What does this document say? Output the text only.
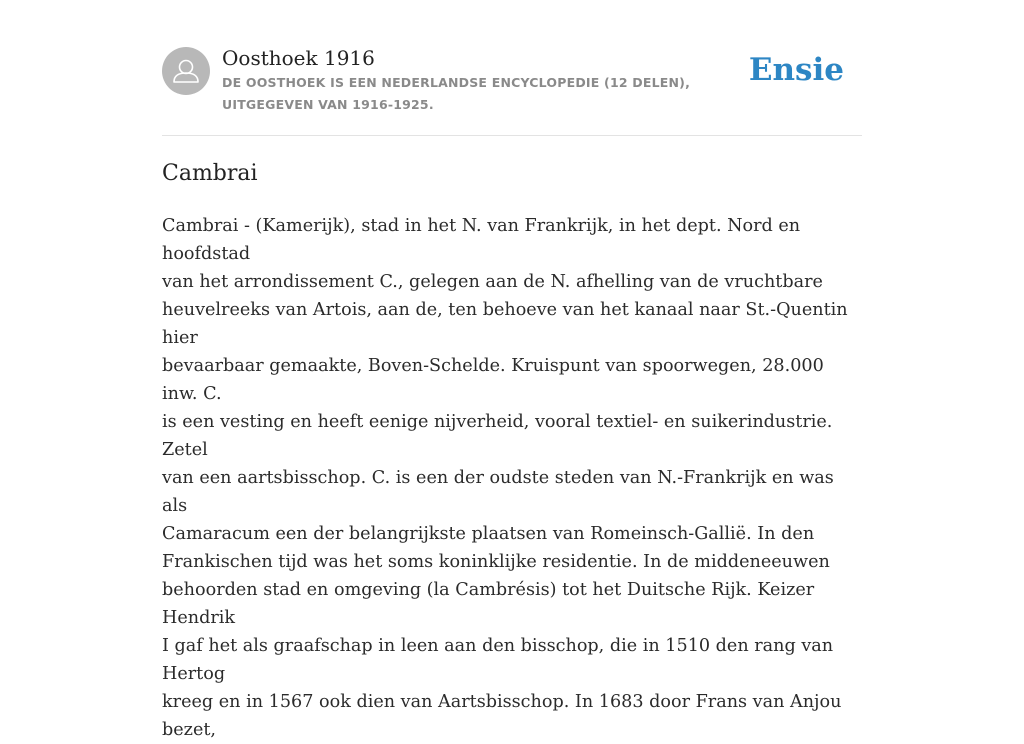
Oosthoek 1916
DE OOSTHOEK IS EEN NEDERLANDSE ENCYCLOPEDIE (12 DELEN), UITGEGEVEN VAN 1916-1925.
Ensie
Cambrai
Cambrai - (Kamerijk), stad in het N. van Frankrijk, in het dept. Nord en hoofdstad
van het arrondissement C., gelegen aan de N. afhelling van de vruchtbare
heuvelreeks van Artois, aan de, ten behoeve van het kanaal naar St.-Quentin hier
bevaarbaar gemaakte, Boven-Schelde. Kruispunt van spoorwegen, 28.000 inw. C.
is een vesting en heeft eenige nijverheid, vooral textiel- en suikerindustrie. Zetel
van een aartsbisschop. C. is een der oudste steden van N.-Frankrijk en was als
Camaracum een der belangrijkste plaatsen van Romeinsch-Gallië. In den
Frankischen tijd was het soms koninklijke residentie. In de middeneeuwen
behoorden stad en omgeving (la Cambrésis) tot het Duitsche Rijk. Keizer Hendrik
I gaf het als graafschap in leen aan den bisschop, die in 1510 den rang van Hertog
kreeg en in 1567 ook dien van Aartsbisschop. In 1683 door Frans van Anjou bezet,
